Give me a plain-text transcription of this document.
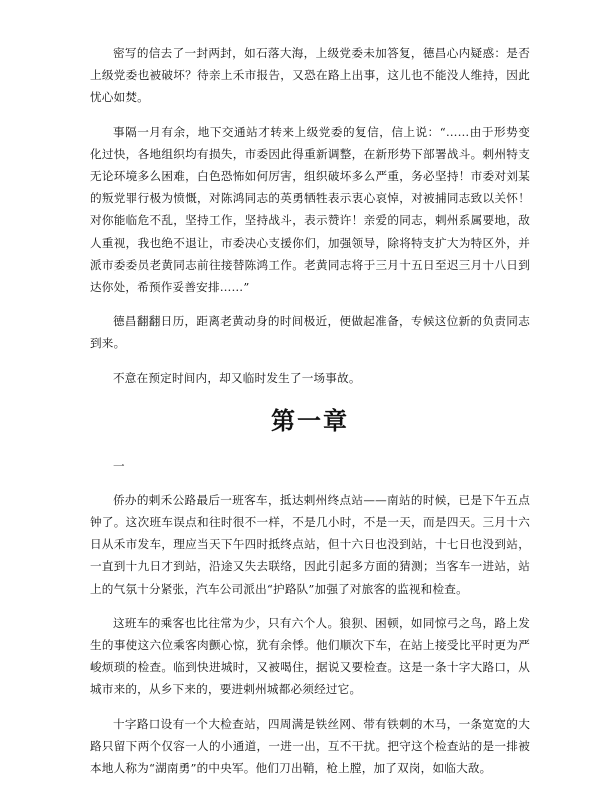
密写的信去了一封两封，如石落大海，上级党委未加答复，德昌心内疑惑：是否上级党委也被破坏？待亲上禾市报告，又恐在路上出事，这儿也不能没人维持，因此忧心如焚。

事隔一月有余，地下交通站才转来上级党委的复信，信上说：“……由于形势变化过快，各地组织均有损失，市委因此得重新调整，在新形势下部署战斗。剌州特支无论环境多么困难，白色恐怖如何厉害，组织破坏多么严重，务必坚持！市委对刘某的叛党罪行极为愤慨，对陈鸿同志的英勇牺牲表示衷心哀悼，对被捕同志致以关怀！对你能临危不乱，坚持工作，坚持战斗，表示赞许！亲爱的同志，剌州系属要地，敌人重视，我也绝不退让，市委决心支援你们，加强领导，除将特支扩大为特区外，并派市委委员老黄同志前往接替陈鸿工作。老黄同志将于三月十五日至迟三月十八日到达你处，希预作妥善安排……”

德昌翻翻日历，距离老黄动身的时间极近，便做起准备，专候这位新的负责同志到来。

不意在预定时间内，却又临时发生了一场事故。

第一章
一

侨办的剌禾公路最后一班客车，抵达剌州终点站——南站的时候，已是下午五点钟了。这次班车误点和往时很不一样，不是几小时，不是一天，而是四天。三月十六日从禾市发车，理应当天下午四时抵终点站，但十六日也没到站，十七日也没到站，一直到十九日才到站，沿途又失去联络，因此引起多方面的猜测；当客车一进站，站上的气氛十分紧张，汽车公司派出“护路队”加强了对旅客的监视和检查。

这班车的乘客也比往常为少，只有六个人。狼狈、困顿，如同惊弓之鸟，路上发生的事使这六位乘客肉颤心惊，犹有余悸。他们顺次下车，在站上接受比平时更为严峻烦琐的检查。临到快进城时，又被喝住，据说又要检查。这是一条十字大路口，从城市来的，从乡下来的，要进剌州城都必须经过它。

十字路口设有一个大检查站，四周满是铁丝网、带有铁刺的木马，一条宽宽的大路只留下两个仅容一人的小通道，一进一出，互不干扰。把守这个检查站的是一排被本地人称为“湖南勇”的中央军。他们刀出鞘，枪上膛，加了双岗，如临大敌。
